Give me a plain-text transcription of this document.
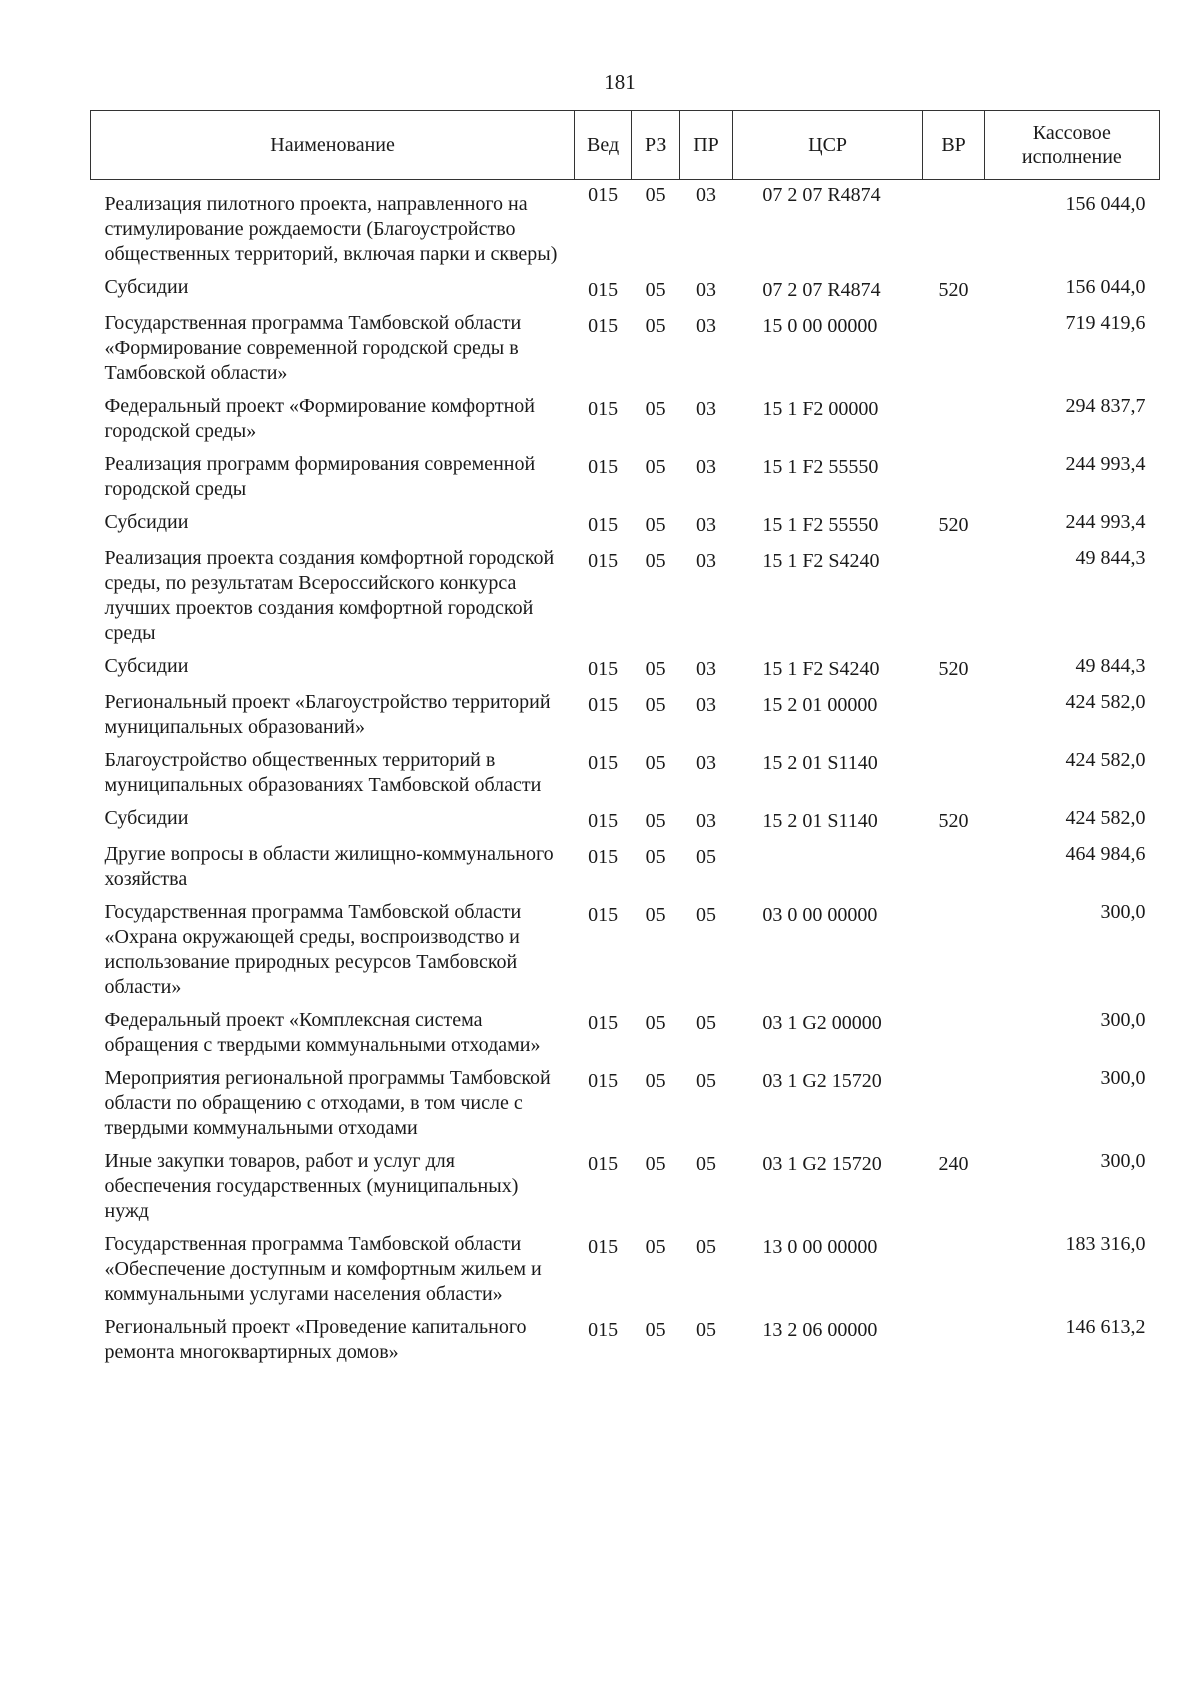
181
Наименование	Вед	РЗ	ПР	ЦСР	ВР	Кассовое исполнение
Реализация пилотного проекта, направленного на стимулирование рождаемости (Благоустройство общественных территорий, включая парки и скверы)	015	05	03	07 2 07 R4874		156 044,0
Субсидии	015	05	03	07 2 07 R4874	520	156 044,0
Государственная программа Тамбовской области «Формирование современной городской среды в Тамбовской области»	015	05	03	15 0 00 00000		719 419,6
Федеральный проект «Формирование комфортной городской среды»	015	05	03	15 1 F2 00000		294 837,7
Реализация программ формирования современной городской среды	015	05	03	15 1 F2 55550		244 993,4
Субсидии	015	05	03	15 1 F2 55550	520	244 993,4
Реализация проекта создания комфортной городской среды, по результатам Всероссийского конкурса лучших проектов создания комфортной городской среды	015	05	03	15 1 F2 S4240		49 844,3
Субсидии	015	05	03	15 1 F2 S4240	520	49 844,3
Региональный проект «Благоустройство территорий муниципальных образований»	015	05	03	15 2 01 00000		424 582,0
Благоустройство общественных территорий в муниципальных образованиях Тамбовской области	015	05	03	15 2 01 S1140		424 582,0
Субсидии	015	05	03	15 2 01 S1140	520	424 582,0
Другие вопросы в области жилищно-коммунального хозяйства	015	05	05			464 984,6
Государственная программа Тамбовской области «Охрана окружающей среды, воспроизводство и использование природных ресурсов Тамбовской области»	015	05	05	03 0 00 00000		300,0
Федеральный проект «Комплексная система обращения с твердыми коммунальными отходами»	015	05	05	03 1 G2 00000		300,0
Мероприятия региональной программы Тамбовской области по обращению с отходами, в том числе с твердыми коммунальными отходами	015	05	05	03 1 G2 15720		300,0
Иные закупки товаров, работ и услуг для обеспечения государственных (муниципальных) нужд	015	05	05	03 1 G2 15720	240	300,0
Государственная программа Тамбовской области «Обеспечение доступным и комфортным жильем и коммунальными услугами населения области»	015	05	05	13 0 00 00000		183 316,0
Региональный проект «Проведение капитального ремонта многоквартирных домов»	015	05	05	13 2 06 00000		146 613,2
